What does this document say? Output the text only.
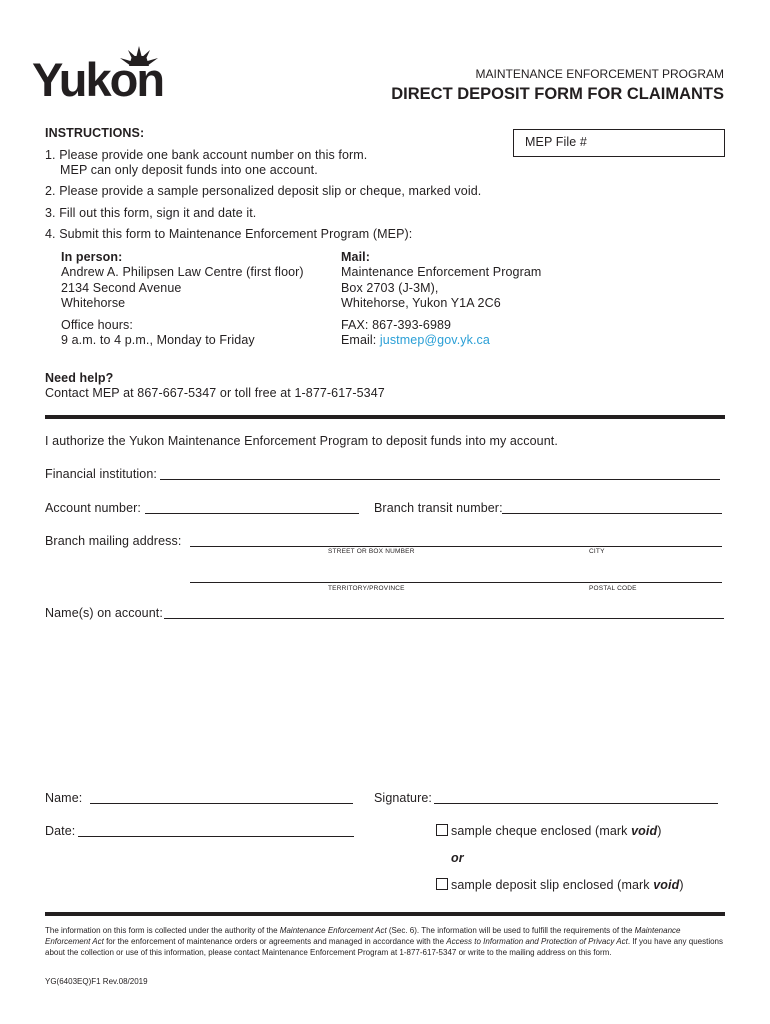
Yukon	MAINTENANCE ENFORCEMENT PROGRAM
DIRECT DEPOSIT FORM FOR CLAIMANTS
MEP File #
INSTRUCTIONS:
1. Please provide one bank account number on this form.
MEP can only deposit funds into one account.
2. Please provide a sample personalized deposit slip or cheque, marked void.
3. Fill out this form, sign it and date it.
4. Submit this form to Maintenance Enforcement Program (MEP):
In person:
Andrew A. Philipsen Law Centre (first floor)
2134 Second Avenue
Whitehorse
Office hours:
9 a.m. to 4 p.m., Monday to Friday
Mail:
Maintenance Enforcement Program
Box 2703 (J-3M),
Whitehorse, Yukon Y1A 2C6
FAX: 867-393-6989
Email: justmep@gov.yk.ca
Need help?
Contact MEP at 867-667-5347 or toll free at 1-877-617-5347
I authorize the Yukon Maintenance Enforcement Program to deposit funds into my account.
Financial institution:
Account number:	Branch transit number:
Branch mailing address:
STREET OR BOX NUMBER	CITY
TERRITORY/PROVINCE	POSTAL CODE
Name(s) on account:
Name:	Signature:
Date:	sample cheque enclosed (mark void)
or
sample deposit slip enclosed (mark void)
The information on this form is collected under the authority of the Maintenance Enforcement Act (Sec. 6). The information will be used to fulfill the requirements of the Maintenance Enforcement Act for the enforcement of maintenance orders or agreements and managed in accordance with the Access to Information and Protection of Privacy Act. If you have any questions about the collection or use of this information, please contact Maintenance Enforcement Program at 1-877-617-5347 or write to the mailing address on this form.
YG(6403EQ)F1 Rev.08/2019
